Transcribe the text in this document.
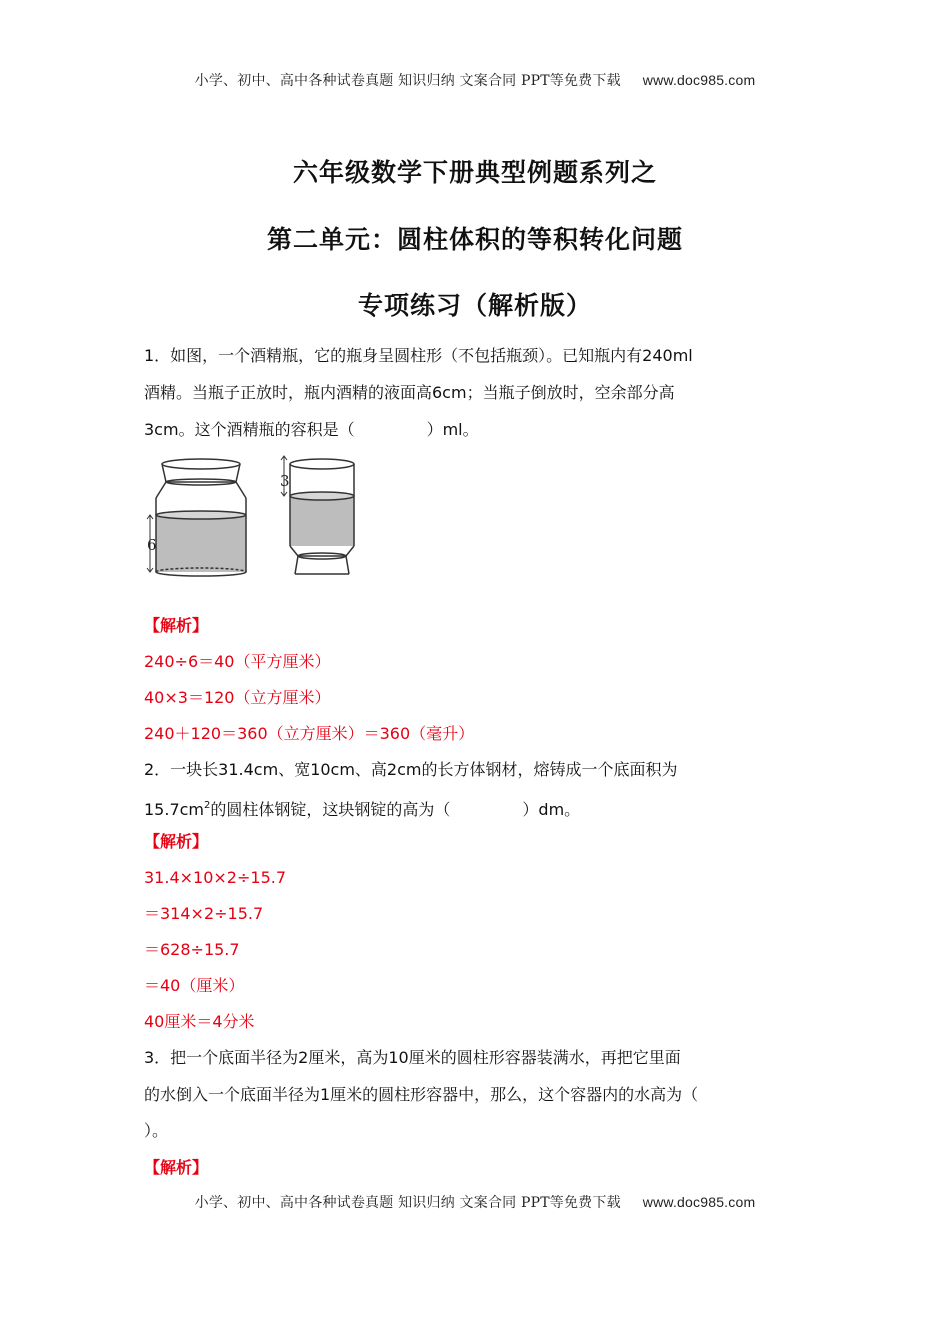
小学、初中、高中各种试卷真题 知识归纳 文案合同 PPT等免费下载 www.doc985.com
六年级数学下册典型例题系列之
第二单元：圆柱体积的等积转化问题
专项练习（解析版）
1．如图，一个酒精瓶，它的瓶身呈圆柱形（不包括瓶颈）。已知瓶内有240ml
酒精。当瓶子正放时，瓶内酒精的液面高6cm；当瓶子倒放时，空余部分高
3cm。这个酒精瓶的容积是（	）ml。
6
3
【解析】
240÷6＝40（平方厘米）
40×3＝120（立方厘米）
240＋120＝360（立方厘米）＝360（毫升）
2．一块长31.4cm、宽10cm、高2cm的长方体钢材，熔铸成一个底面积为
$15.7cm^2$的圆柱体钢锭，这块钢锭的高为（	）dm。
【解析】
31.4×10×2÷15.7
＝314×2÷15.7
＝628÷15.7
＝40（厘米）
40厘米＝4分米
3．把一个底面半径为2厘米，高为10厘米的圆柱形容器装满水，再把它里面
的水倒入一个底面半径为1厘米的圆柱形容器中，那么，这个容器内的水高为（
）。
【解析】
小学、初中、高中各种试卷真题 知识归纳 文案合同 PPT等免费下载 www.doc985.com
